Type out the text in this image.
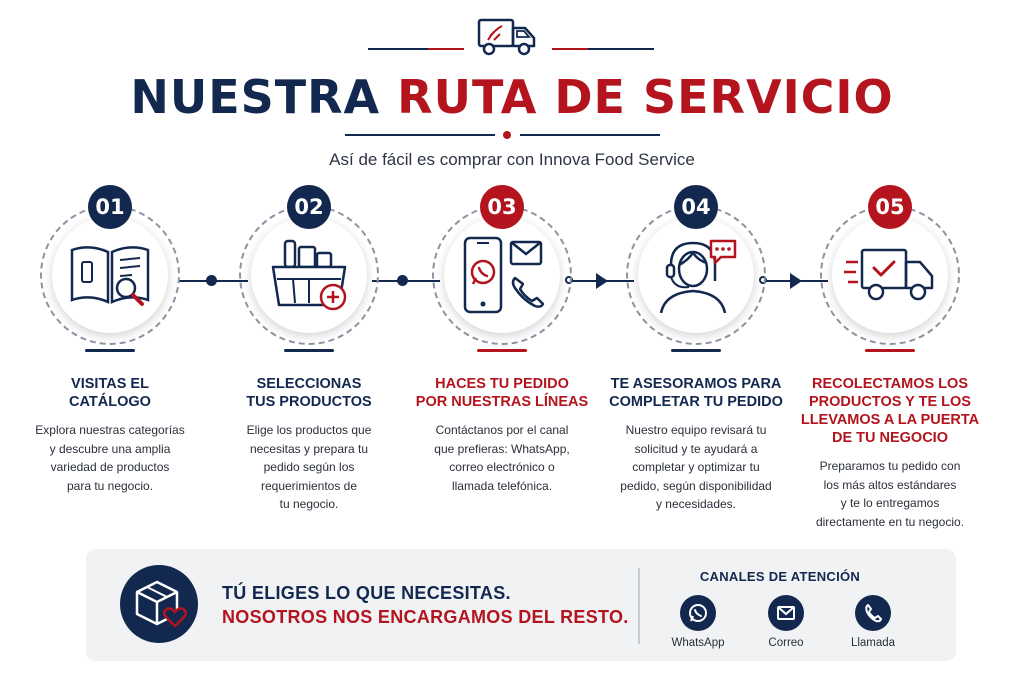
NUESTRA RUTA DE SERVICIO
Así de fácil es comprar con Innova Food Service
01
VISITAS EL
CATÁLOGO
Explora nuestras categorías
y descubre una amplia
variedad de productos
para tu negocio.
02
SELECCIONAS
TUS PRODUCTOS
Elige los productos que
necesitas y prepara tu
pedido según los
requerimientos de
tu negocio.
03
HACES TU PEDIDO
POR NUESTRAS LÍNEAS
Contáctanos por el canal
que prefieras: WhatsApp,
correo electrónico o
llamada telefónica.
04
TE ASESORAMOS PARA
COMPLETAR TU PEDIDO
Nuestro equipo revisará tu
solicitud y te ayudará a
completar y optimizar tu
pedido, según disponibilidad
y necesidades.
05
RECOLECTAMOS LOS
PRODUCTOS Y TE LOS
LLEVAMOS A LA PUERTA
DE TU NEGOCIO
Preparamos tu pedido con
los más altos estándares
y te lo entregamos
directamente en tu negocio.
TÚ ELIGES LO QUE NECESITAS.
NOSOTROS NOS ENCARGAMOS DEL RESTO.
CANALES DE ATENCIÓN
WhatsApp	Correo	Llamada
